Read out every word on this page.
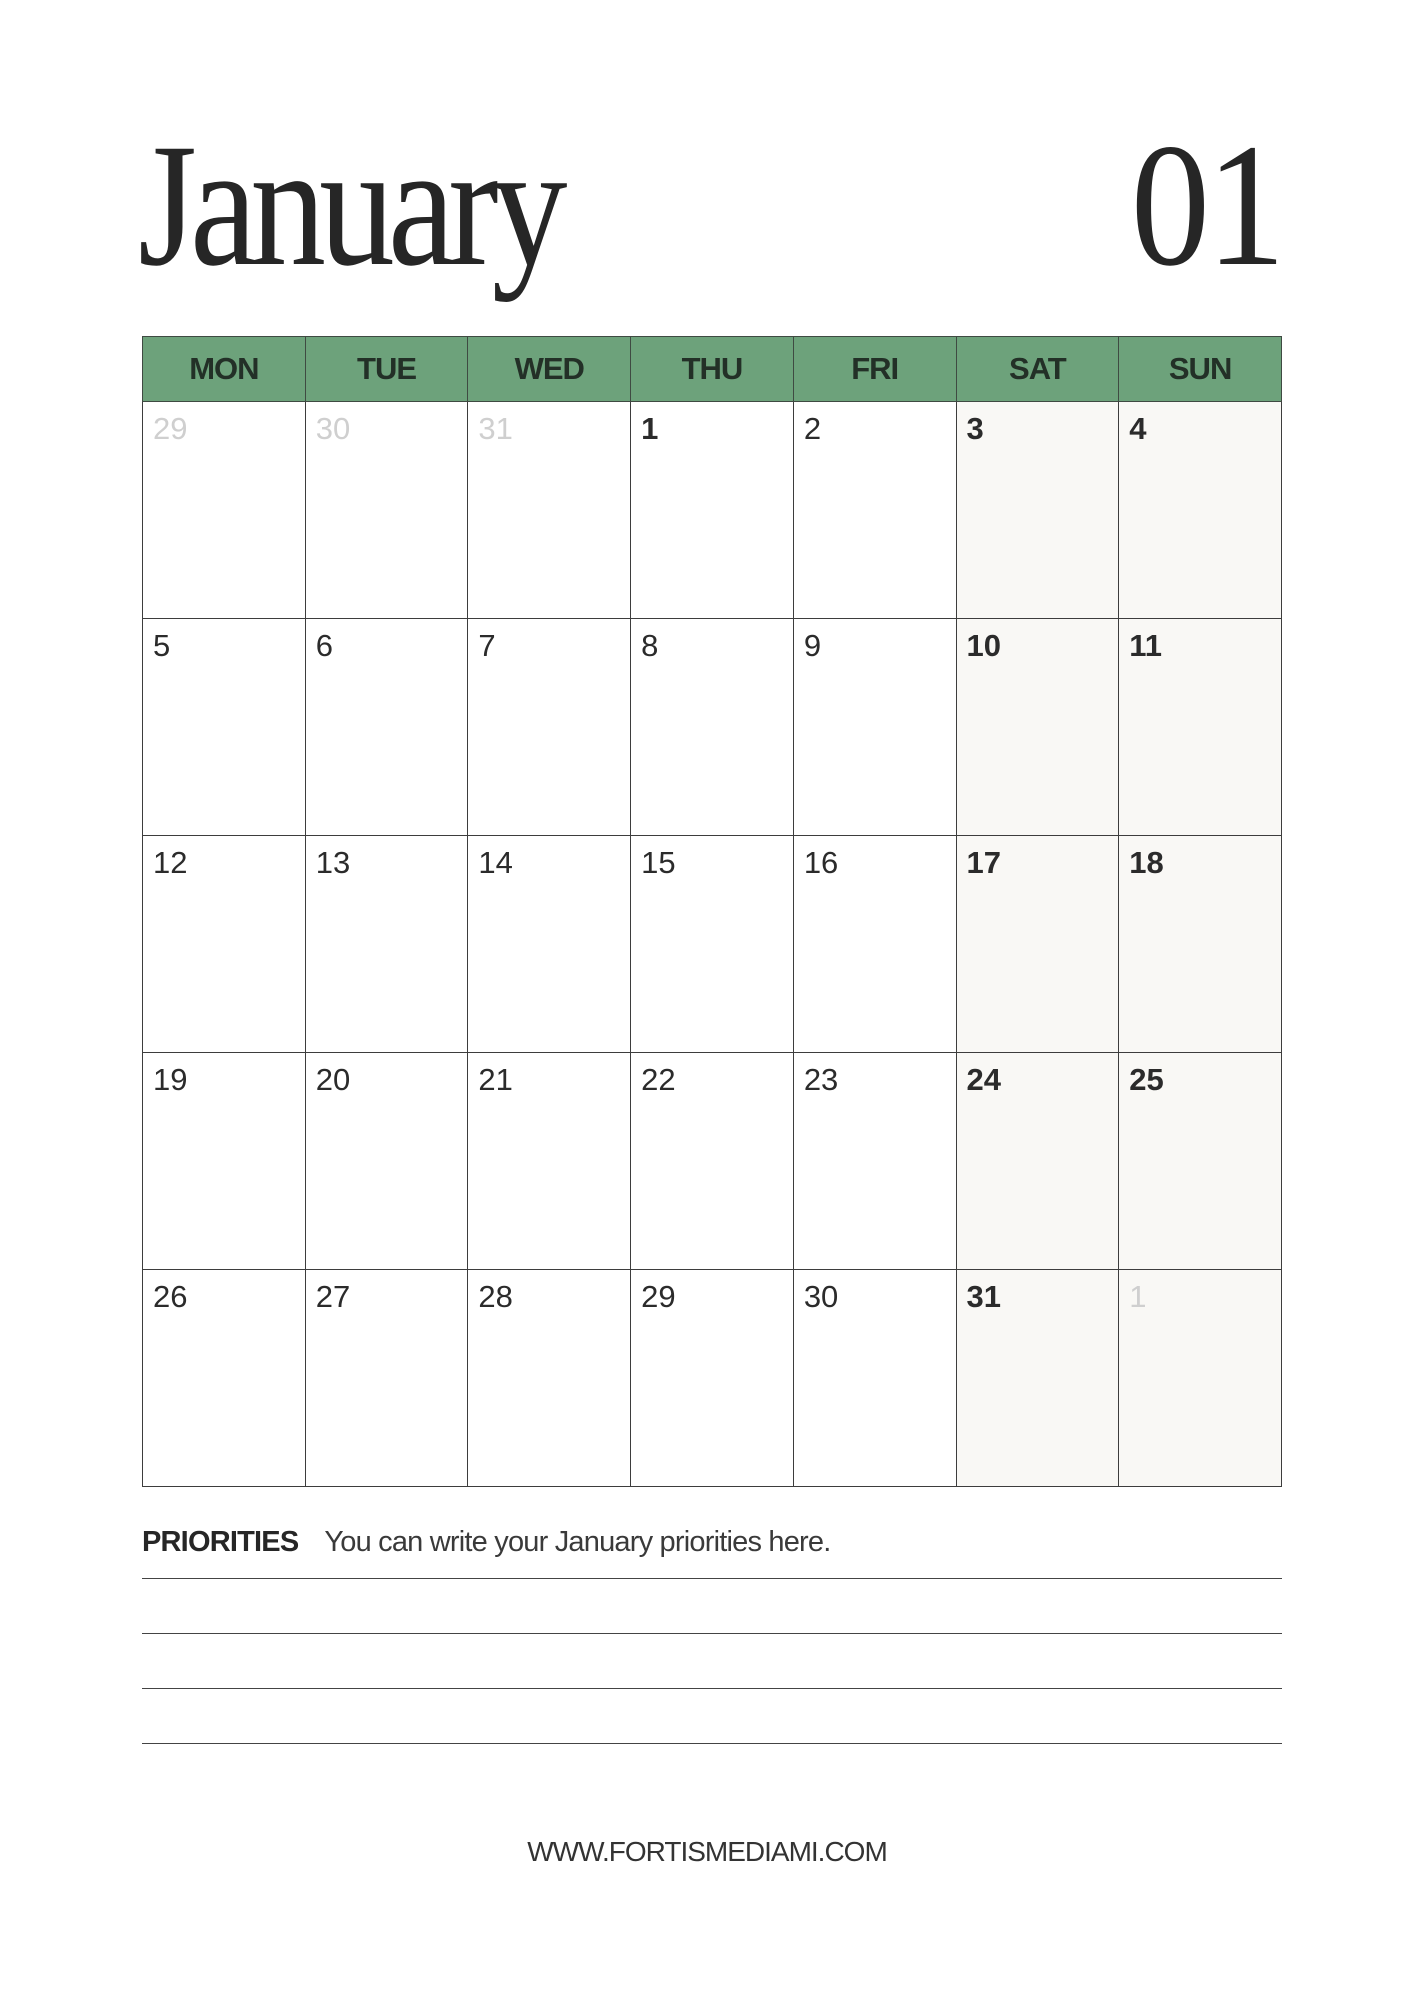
January	01
MON	TUE	WED	THU	FRI	SAT	SUN

29	30	31	1	2	3	4

5	6	7	8	9	10	11

12	13	14	15	16	17	18

19	20	21	22	23	24	25

26	27	28	29	30	31	1
PRIORITIES You can write your January priorities here.
WWW.FORTISMEDIAMI.COM
